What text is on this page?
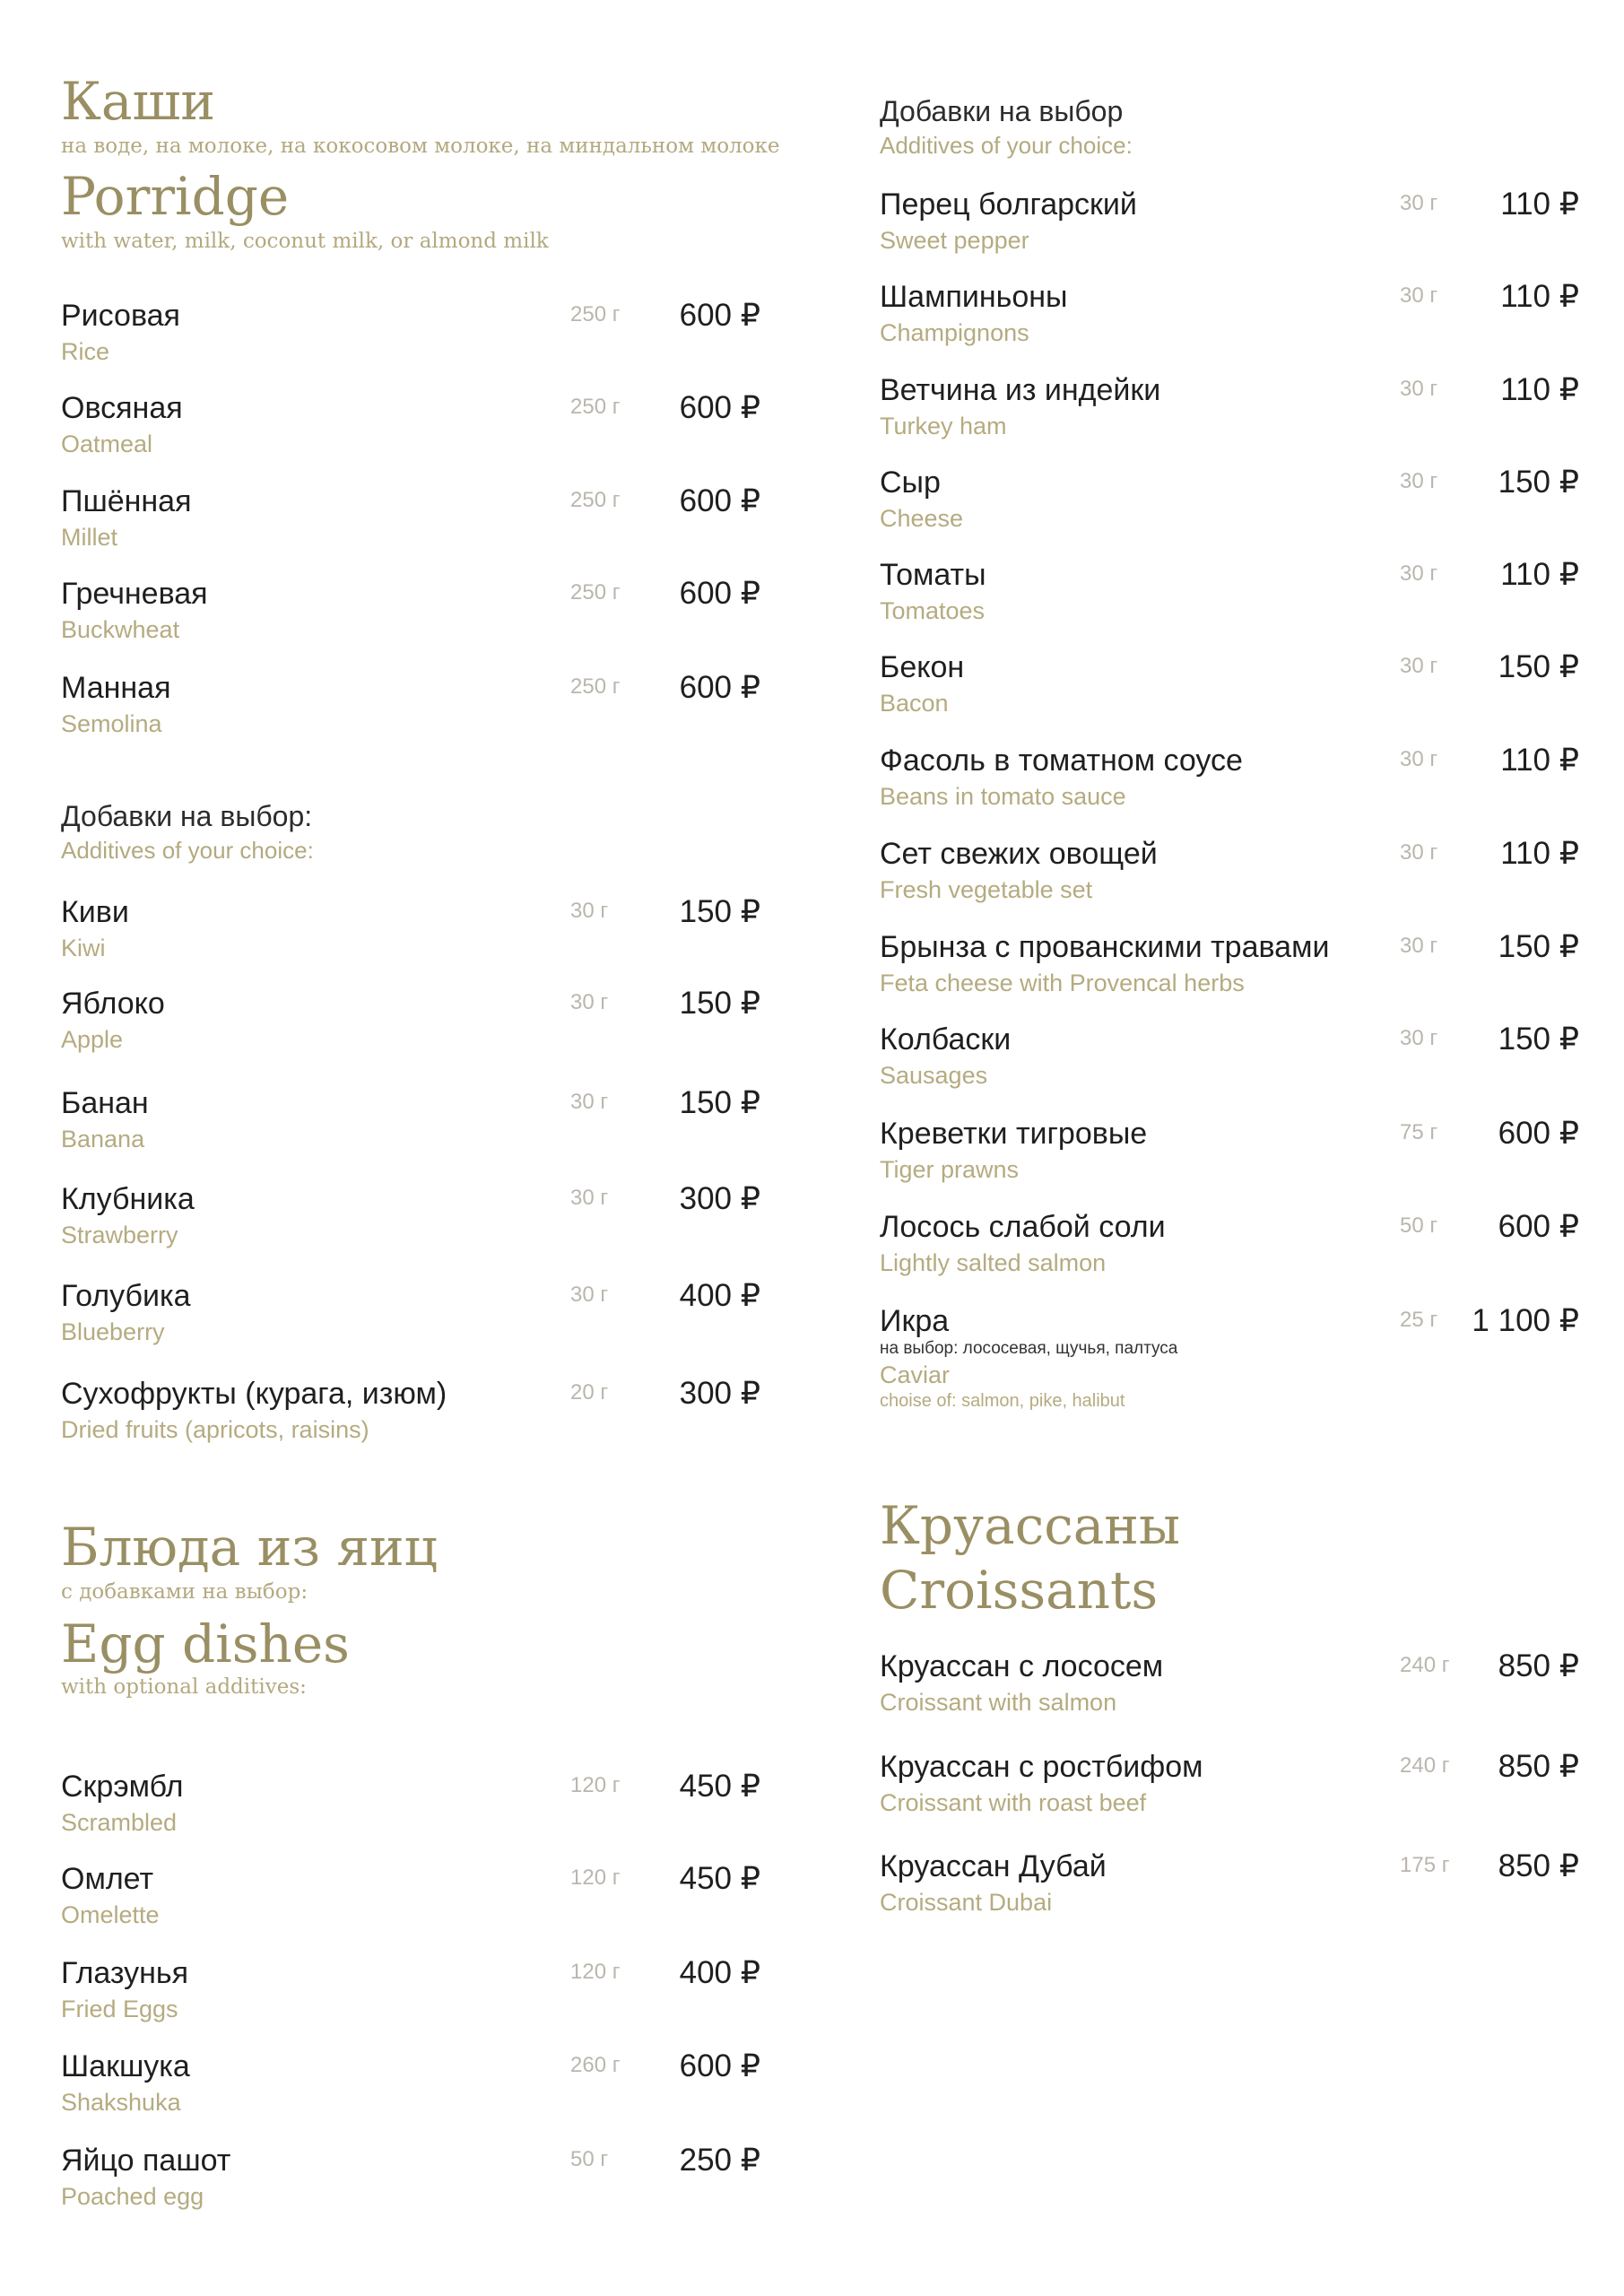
Каши
на воде, на молоке, на кокосовом молоке, на миндальном молоке
Porridge
with water, milk, coconut milk, or almond milk
Рисовая
Rice
250 г 600 ₽
Овсяная
Oatmeal
250 г 600 ₽
Пшённая
Millet
250 г 600 ₽
Гречневая
Buckwheat
250 г 600 ₽
Манная
Semolina
250 г 600 ₽
Добавки на выбор:
Additives of your choice:
Киви
Kiwi
30 г 150 ₽
Яблоко
Apple
30 г 150 ₽
Банан
Banana
30 г 150 ₽
Клубника
Strawberry
30 г 300 ₽
Голубика
Blueberry
30 г 400 ₽
Сухофрукты (курага, изюм)
Dried fruits (apricots, raisins)
20 г 300 ₽
Блюда из яиц
с добавками на выбор:
Egg dishes
with optional additives:
Скрэмбл
Scrambled
120 г 450 ₽
Омлет
Omelette
120 г 450 ₽
Глазунья
Fried Eggs
120 г 400 ₽
Шакшука
Shakshuka
260 г 600 ₽
Яйцо пашот
Poached egg
50 г 250 ₽
Добавки на выбор
Additives of your choice:
Перец болгарский
Sweet pepper
30 г 110 ₽
Шампиньоны
Champignons
30 г 110 ₽
Ветчина из индейки
Turkey ham
30 г 110 ₽
Сыр
Cheese
30 г 150 ₽
Томаты
Tomatoes
30 г 110 ₽
Бекон
Bacon
30 г 150 ₽
Фасоль в томатном соусе
Beans in tomato sauce
30 г 110 ₽
Сет свежих овощей
Fresh vegetable set
30 г 110 ₽
Брынза с прованскими травами
Feta cheese with Provencal herbs
30 г 150 ₽
Колбаски
Sausages
30 г 150 ₽
Креветки тигровые
Tiger prawns
75 г 600 ₽
Лосось слабой соли
Lightly salted salmon
50 г 600 ₽
Икра
на выбор: лососевая, щучья, палтуса
Caviar
choise of: salmon, pike, halibut
25 г 1 100 ₽
Круассаны
Croissants
Круассан с лососем
Croissant with salmon
240 г 850 ₽
Круассан с ростбифом
Croissant with roast beef
240 г 850 ₽
Круассан Дубай
Croissant Dubai
175 г 850 ₽
